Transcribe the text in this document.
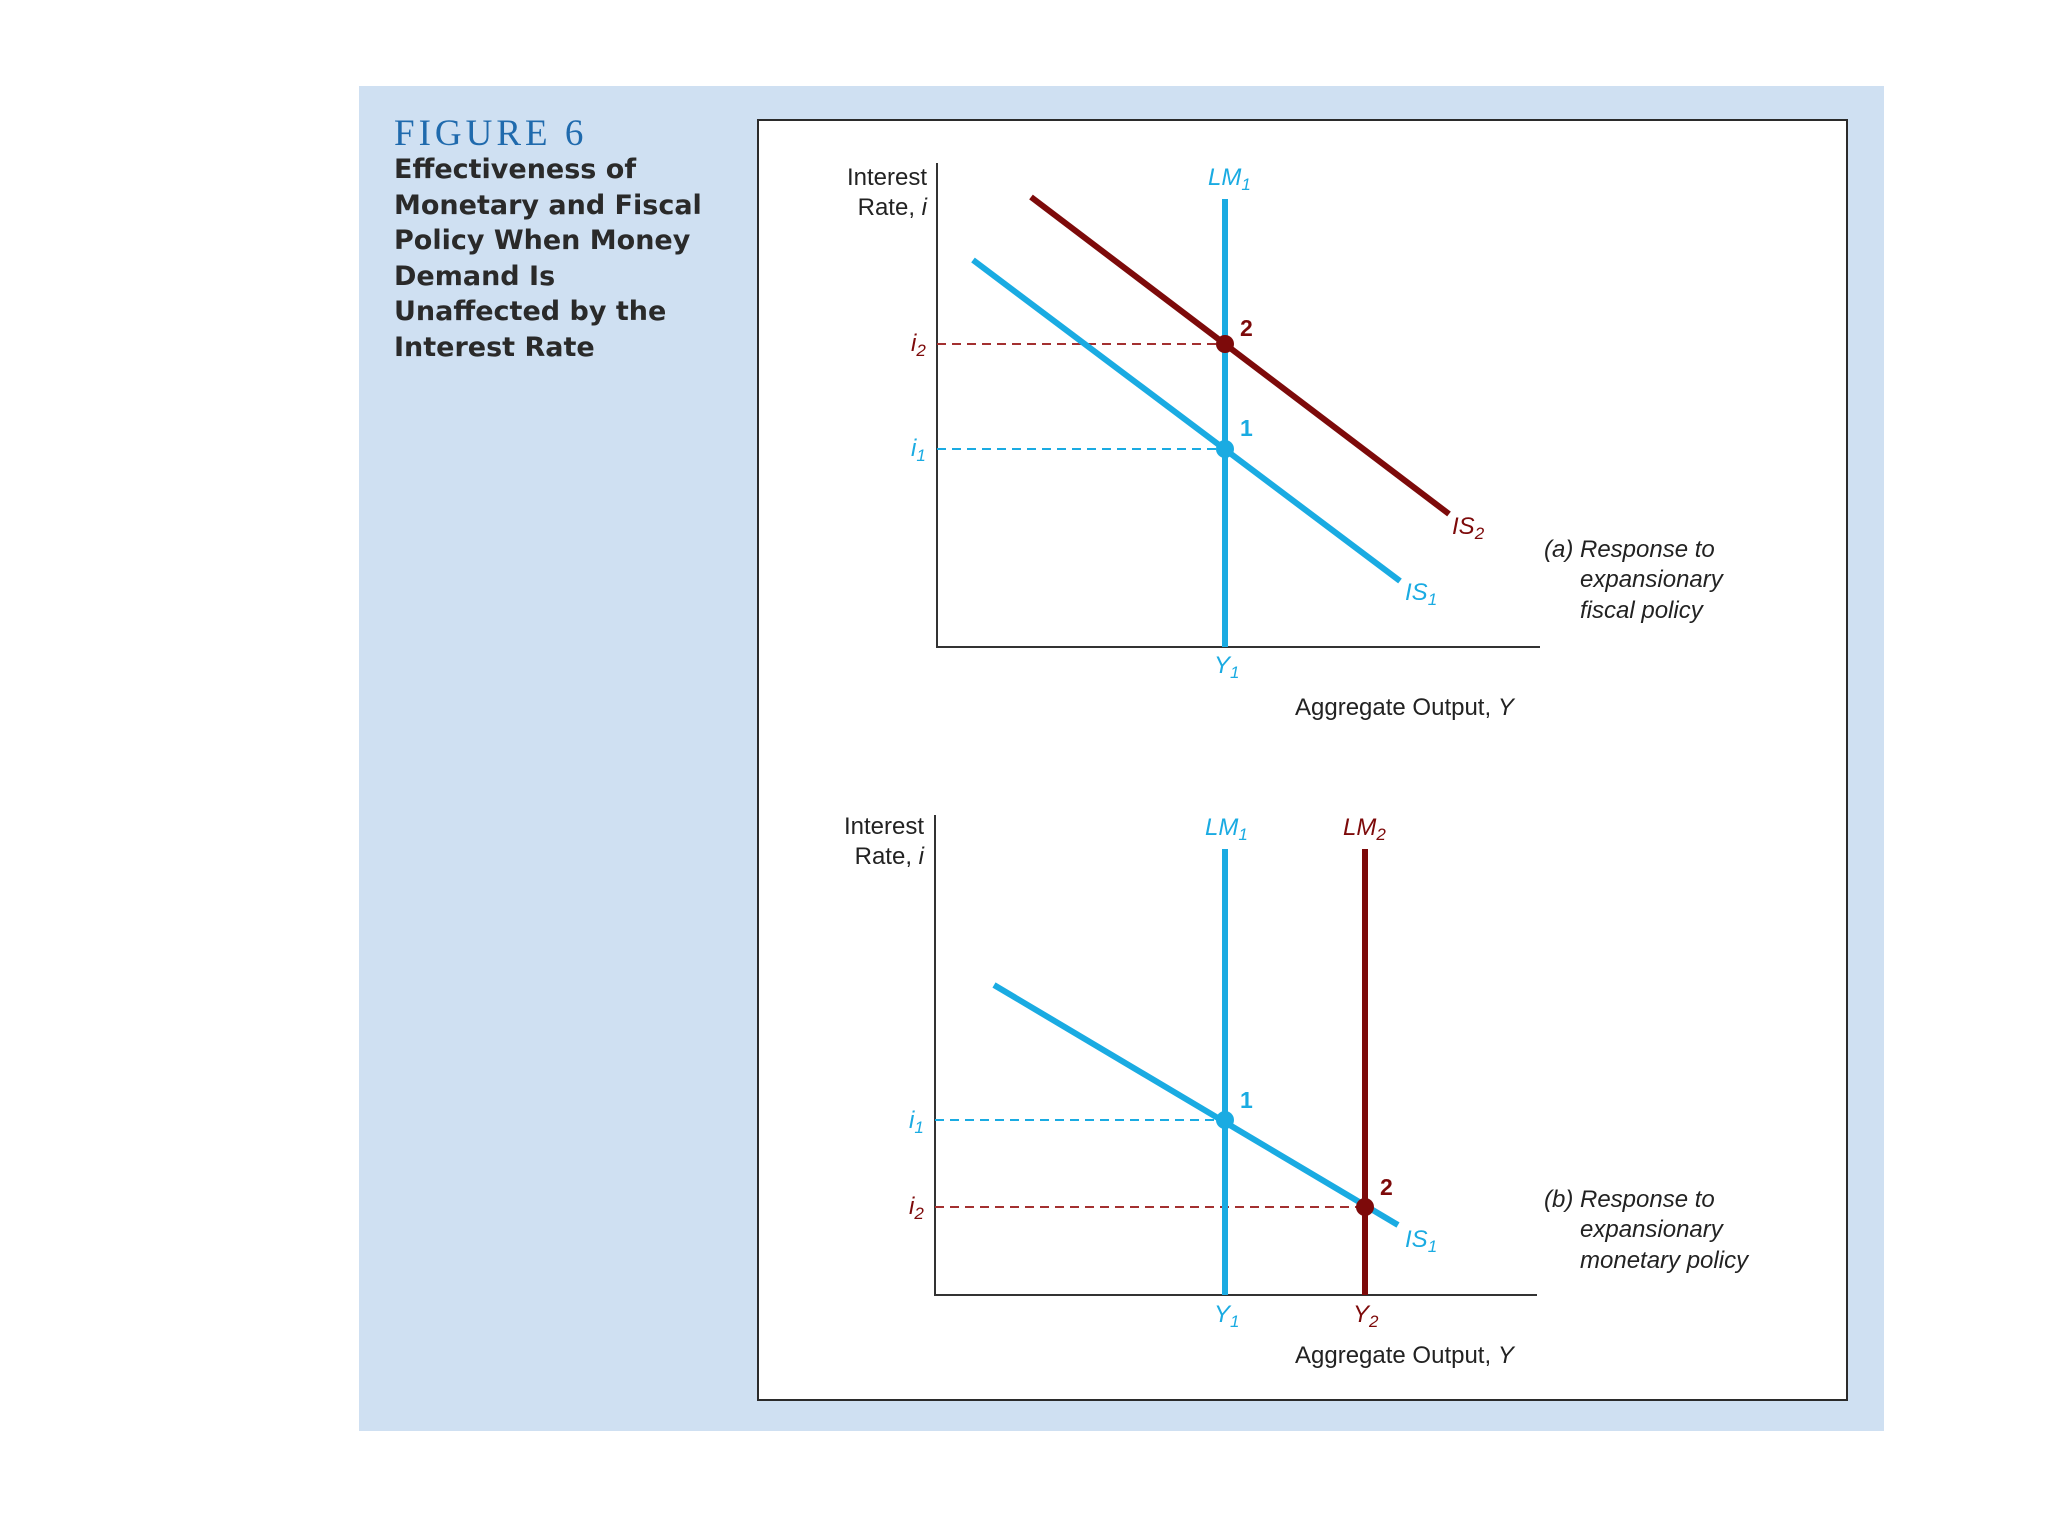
FIGURE 6
Effectiveness of Monetary and Fiscal Policy When Money Demand Is Unaffected by the Interest Rate
Interest
Rate, i
1
2
$LM_1$
$IS_2$
$IS_1$
$i_2$
$i_1$
$Y_1$
Aggregate Output, Y
(a) Response to
expansionary
fiscal policy
Interest
Rate, i
1
2
$LM_1$	$LM_2$
$IS_1$
$i_1$
$i_2$
$Y_1$	$Y_2$
Aggregate Output, Y
(b) Response to
expansionary
monetary policy
